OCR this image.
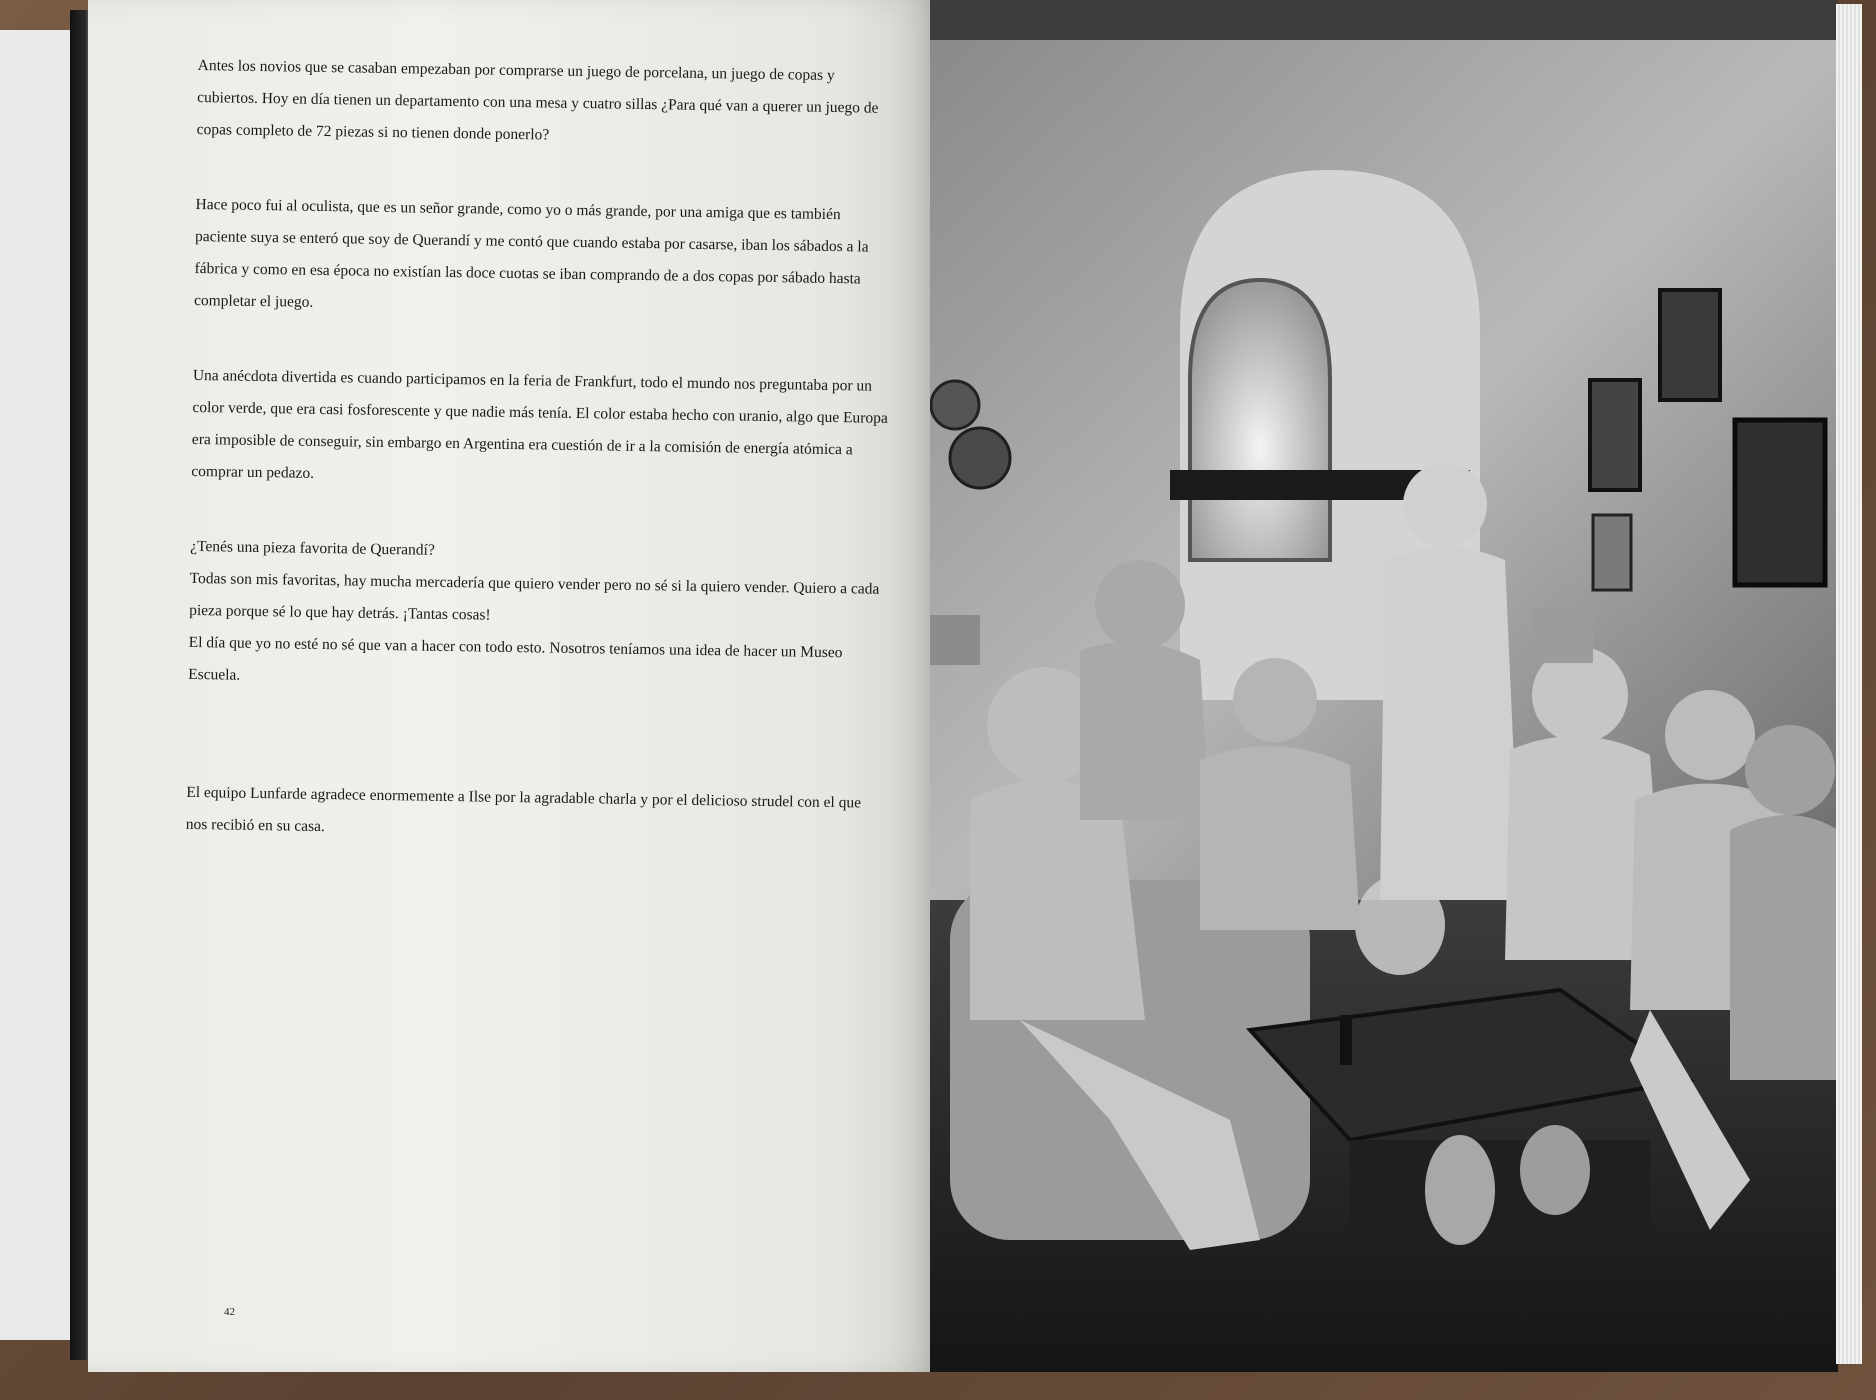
Antes los novios que se casaban empezaban por comprarse un juego de porcelana, un juego de copas y cubiertos. Hoy en día tienen un departamento con una mesa y cuatro sillas ¿Para qué van a querer un juego de copas completo de 72 piezas si no tienen donde ponerlo?

Hace poco fui al oculista, que es un señor grande, como yo o más grande, por una amiga que es también paciente suya se enteró que soy de Querandí y me contó que cuando estaba por casarse, iban los sábados a la fábrica y como en esa época no existían las doce cuotas se iban comprando de a dos copas por sábado hasta completar el juego.

Una anécdota divertida es cuando participamos en la feria de Frankfurt, todo el mundo nos preguntaba por un color verde, que era casi fosforescente y que nadie más tenía. El color estaba hecho con uranio, algo que Europa era imposible de conseguir, sin embargo en Argentina era cuestión de ir a la comisión de energía atómica a comprar un pedazo.

¿Tenés una pieza favorita de Querandí?

Todas son mis favoritas, hay mucha mercadería que quiero vender pero no sé si la quiero vender. Quiero a cada pieza porque sé lo que hay detrás. ¡Tantas cosas!

El día que yo no esté no sé que van a hacer con todo esto. Nosotros teníamos una idea de hacer un Museo Escuela.

El equipo Lunfarde agradece enormemente a Ilse por la agradable charla y por el delicioso strudel con el que nos recibió en su casa.

42
